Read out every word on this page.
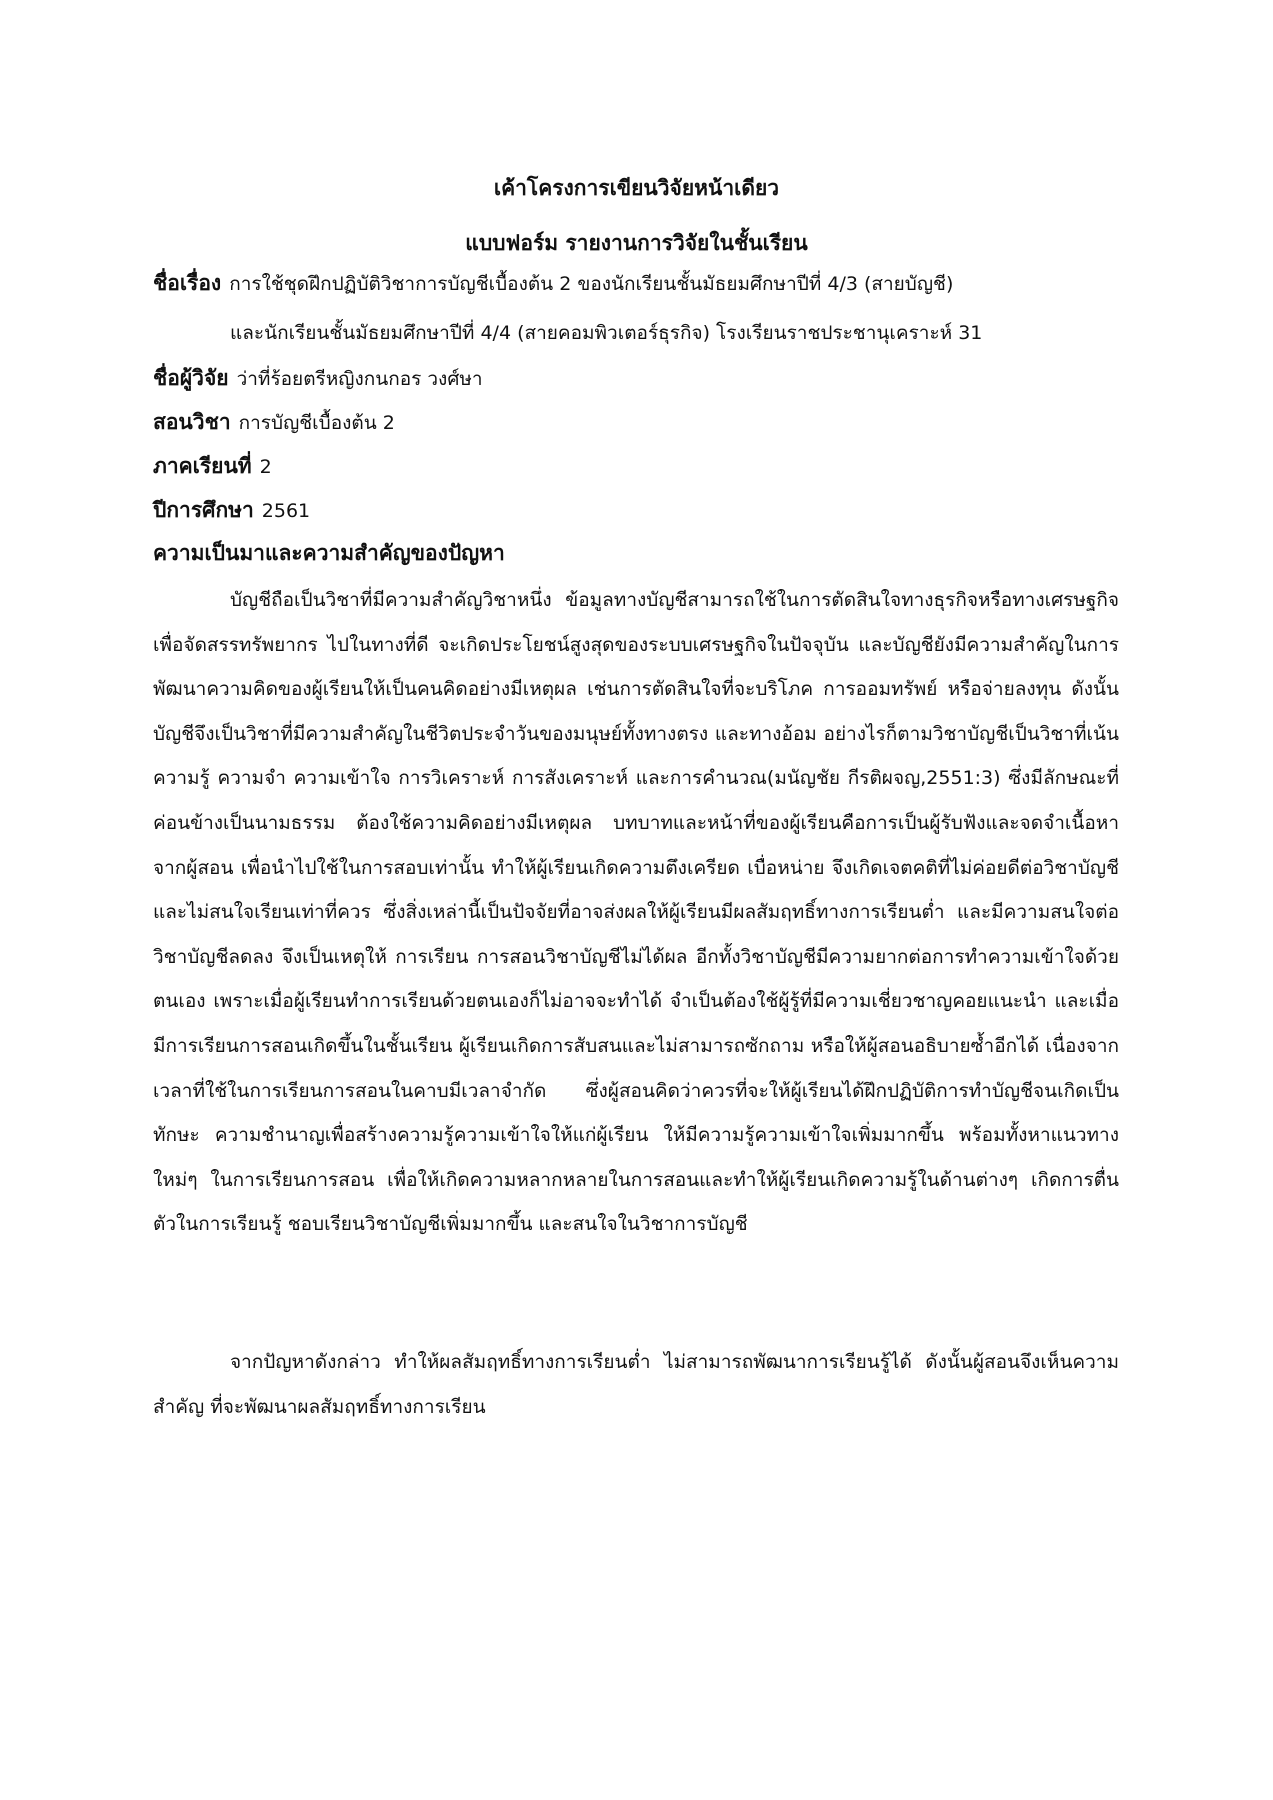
เค้าโครงการเขียนวิจัยหน้าเดียว
แบบฟอร์ม รายงานการวิจัยในชั้นเรียน
ชื่อเรื่อง การใช้ชุดฝึกปฏิบัติวิชาการบัญชีเบื้องต้น 2 ของนักเรียนชั้นมัธยมศึกษาปีที่ 4/3 (สายบัญชี)
และนักเรียนชั้นมัธยมศึกษาปีที่ 4/4 (สายคอมพิวเตอร์ธุรกิจ) โรงเรียนราชประชานุเคราะห์ 31
ชื่อผู้วิจัย ว่าที่ร้อยตรีหญิงกนกอร วงศ์ษา
สอนวิชา การบัญชีเบื้องต้น 2
ภาคเรียนที่ 2
ปีการศึกษา 2561
ความเป็นมาและความสำคัญของปัญหา

บัญชีถือเป็นวิชาที่มีความสำคัญวิชาหนึ่ง ข้อมูลทางบัญชีสามารถใช้ในการตัดสินใจทางธุรกิจหรือทางเศรษฐกิจ เพื่อจัดสรรทรัพยากร ไปในทางที่ดี จะเกิดประโยชน์สูงสุดของระบบเศรษฐกิจในปัจจุบัน และบัญชียังมีความสำคัญในการพัฒนาความคิดของผู้เรียนให้เป็นคนคิดอย่างมีเหตุผล เช่นการตัดสินใจที่จะบริโภค การออมทรัพย์ หรือจ่ายลงทุน ดังนั้น บัญชีจึงเป็นวิชาที่มีความสำคัญในชีวิตประจำวันของมนุษย์ทั้งทางตรง และทางอ้อม อย่างไรก็ตามวิชาบัญชีเป็นวิชาที่เน้นความรู้ ความจำ ความเข้าใจ การวิเคราะห์ การสังเคราะห์ และการคำนวณ(มนัญชัย กีรติผจญ,2551:3) ซึ่งมีลักษณะที่ค่อนข้างเป็นนามธรรม ต้องใช้ความคิดอย่างมีเหตุผล บทบาทและหน้าที่ของผู้เรียนคือการเป็นผู้รับฟังและจดจำเนื้อหาจากผู้สอน เพื่อนำไปใช้ในการสอบเท่านั้น ทำให้ผู้เรียนเกิดความตึงเครียด เบื่อหน่าย จึงเกิดเจตคติที่ไม่ค่อยดีต่อวิชาบัญชี และไม่สนใจเรียนเท่าที่ควร ซึ่งสิ่งเหล่านี้เป็นปัจจัยที่อาจส่งผลให้ผู้เรียนมีผลสัมฤทธิ์ทางการเรียนต่ำ และมีความสนใจต่อวิชาบัญชีลดลง จึงเป็นเหตุให้ การเรียน การสอนวิชาบัญชีไม่ได้ผล อีกทั้งวิชาบัญชีมีความยากต่อการทำความเข้าใจด้วยตนเอง เพราะเมื่อผู้เรียนทำการเรียนด้วยตนเองก็ไม่อาจจะทำได้ จำเป็นต้องใช้ผู้รู้ที่มีความเชี่ยวชาญคอยแนะนำ และเมื่อมีการเรียนการสอนเกิดขึ้นในชั้นเรียน ผู้เรียนเกิดการสับสนและไม่สามารถซักถาม หรือให้ผู้สอนอธิบายซ้ำอีกได้ เนื่องจากเวลาที่ใช้ในการเรียนการสอนในคาบมีเวลาจำกัด ซึ่งผู้สอนคิดว่าควรที่จะให้ผู้เรียนได้ฝึกปฏิบัติการทำบัญชีจนเกิดเป็นทักษะ ความชำนาญเพื่อสร้างความรู้ความเข้าใจให้แก่ผู้เรียน ให้มีความรู้ความเข้าใจเพิ่มมากขึ้น พร้อมทั้งหาแนวทางใหม่ๆ ในการเรียนการสอน เพื่อให้เกิดความหลากหลายในการสอนและทำให้ผู้เรียนเกิดความรู้ในด้านต่างๆ เกิดการตื่นตัวในการเรียนรู้ ชอบเรียนวิชาบัญชีเพิ่มมากขึ้น และสนใจในวิชาการบัญชี

จากปัญหาดังกล่าว ทำให้ผลสัมฤทธิ์ทางการเรียนต่ำ ไม่สามารถพัฒนาการเรียนรู้ได้ ดังนั้นผู้สอนจึงเห็นความสำคัญ ที่จะพัฒนาผลสัมฤทธิ์ทางการเรียน
